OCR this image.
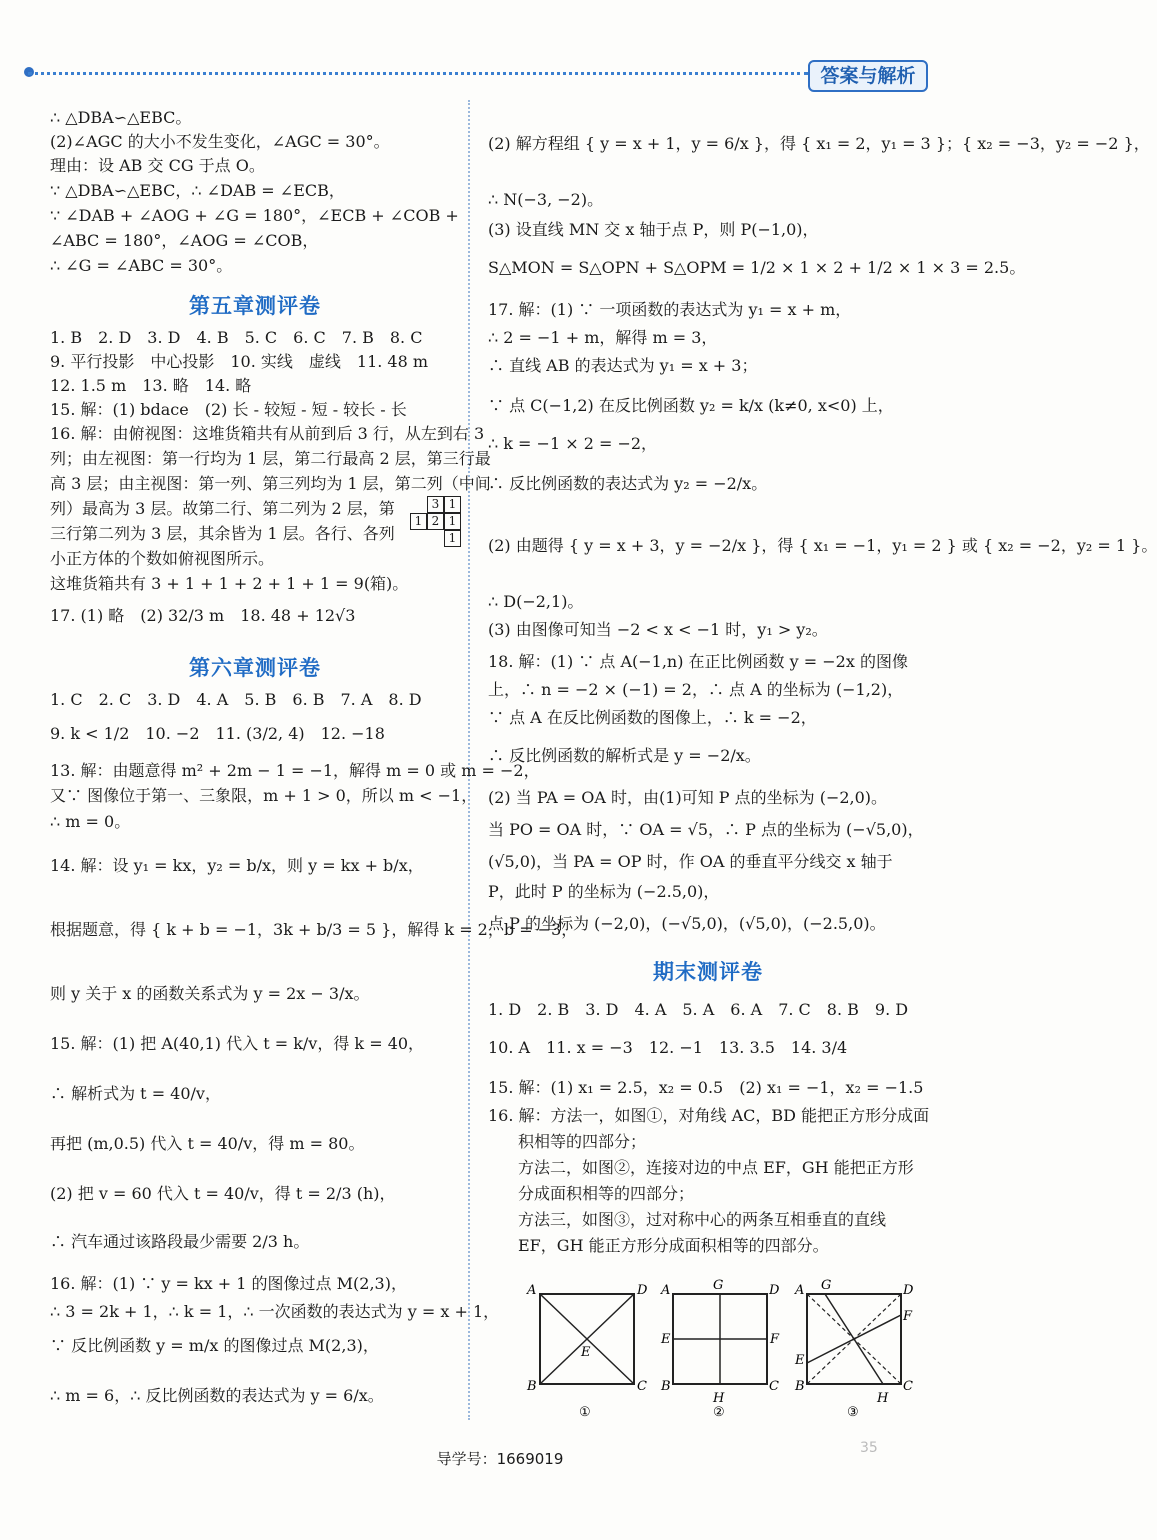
答案与解析
∴ △DBA∽△EBC。
(2)∠AGC 的大小不发生变化，∠AGC = 30°。
理由：设 AB 交 CG 于点 O。
∵ △DBA∽△EBC，∴ ∠DAB = ∠ECB，
∵ ∠DAB + ∠AOG + ∠G = 180°，∠ECB + ∠COB +
∠ABC = 180°，∠AOG = ∠COB，
∴ ∠G = ∠ABC = 30°。
第五章测评卷
1. B　2. D　3. D　4. B　5. C　6. C　7. B　8. C
9. 平行投影　中心投影　10. 实线　虚线　11. 48 m
12. 1.5 m　13. 略　14. 略
15. 解：(1) bdace　(2) 长 - 较短 - 短 - 较长 - 长
16. 解：由俯视图：这堆货箱共有从前到后 3 行，从左到右 3
列；由左视图：第一行均为 1 层，第二行最高 2 层，第三行最
高 3 层；由主视图：第一列、第三列均为 1 层，第二列（中间
列）最高为 3 层。故第二行、第二列为 2 层，第
三行第二列为 3 层，其余皆为 1 层。各行、各列
小正方体的个数如俯视图所示。
这堆货箱共有 3 + 1 + 1 + 2 + 1 + 1 = 9(箱)。
17. (1) 略　(2) 32/3 m　18. 48 + 12√3
3 1
1 2 1
1
第六章测评卷
1. C　2. C　3. D　4. A　5. B　6. B　7. A　8. D
9. k < 1/2　10. −2　11. (3/2, 4)　12. −18
13. 解：由题意得 m² + 2m − 1 = −1，解得 m = 0 或 m = −2，
又∵ 图像位于第一、三象限，m + 1 > 0，所以 m < −1，
∴ m = 0。
14. 解：设 y₁ = kx，y₂ = b/x，则 y = kx + b/x，
根据题意，得 { k + b = −1，3k + b/3 = 5 }，解得 k = 2，b = −3，
则 y 关于 x 的函数关系式为 y = 2x − 3/x。
15. 解：(1) 把 A(40,1) 代入 t = k/v，得 k = 40，
∴ 解析式为 t = 40/v，
再把 (m,0.5) 代入 t = 40/v，得 m = 80。
(2) 把 v = 60 代入 t = 40/v，得 t = 2/3 (h)，
∴ 汽车通过该路段最少需要 2/3 h。
16. 解：(1) ∵ y = kx + 1 的图像过点 M(2,3)，
∴ 3 = 2k + 1，∴ k = 1，∴ 一次函数的表达式为 y = x + 1，
∵ 反比例函数 y = m/x 的图像过点 M(2,3)，
∴ m = 6，∴ 反比例函数的表达式为 y = 6/x。
(2) 解方程组 { y = x + 1，y = 6/x }，得 { x₁ = 2，y₁ = 3 }；{ x₂ = −3，y₂ = −2 }，
∴ N(−3, −2)。
(3) 设直线 MN 交 x 轴于点 P，则 P(−1,0)，
S△MON = S△OPN + S△OPM = 1/2 × 1 × 2 + 1/2 × 1 × 3 = 2.5。
17. 解：(1) ∵ 一项函数的表达式为 y₁ = x + m，
∴ 2 = −1 + m，解得 m = 3，
∴ 直线 AB 的表达式为 y₁ = x + 3；
∵ 点 C(−1,2) 在反比例函数 y₂ = k/x (k≠0, x<0) 上，
∴ k = −1 × 2 = −2，
∴ 反比例函数的表达式为 y₂ = −2/x。
(2) 由题得 { y = x + 3，y = −2/x }，得 { x₁ = −1，y₁ = 2 } 或 { x₂ = −2，y₂ = 1 }。
∴ D(−2,1)。
(3) 由图像可知当 −2 < x < −1 时，y₁ > y₂。
18. 解：(1) ∵ 点 A(−1,n) 在正比例函数 y = −2x 的图像
上，∴ n = −2 × (−1) = 2，∴ 点 A 的坐标为 (−1,2)，
∵ 点 A 在反比例函数的图像上，∴ k = −2，
∴ 反比例函数的解析式是 y = −2/x。
(2) 当 PA = OA 时，由(1)可知 P 点的坐标为 (−2,0)。
当 PO = OA 时，∵ OA = √5，∴ P 点的坐标为 (−√5,0)，
(√5,0)，当 PA = OP 时，作 OA 的垂直平分线交 x 轴于
P，此时 P 的坐标为 (−2.5,0)，
点 P 的坐标为 (−2,0)，(−√5,0)，(√5,0)，(−2.5,0)。
期末测评卷
1. D　2. B　3. D　4. A　5. A　6. A　7. C　8. B　9. D
10. A　11. x = −3　12. −1　13. 3.5　14. 3/4
15. 解：(1) x₁ = 2.5，x₂ = 0.5　(2) x₁ = −1，x₂ = −1.5
16. 解：方法一，如图①，对角线 AC，BD 能把正方形分成面
积相等的四部分；
方法二，如图②，连接对边的中点 EF，GH 能把正方形
分成面积相等的四部分；
方法三，如图③，过对称中心的两条互相垂直的直线
EF，GH 能正方形分成面积相等的四部分。
A	D
B	C
E
①
A	G	D
E	F
B
H
C
②
A G	D
F
E
B
H
C
③
导学号：1669019
35
